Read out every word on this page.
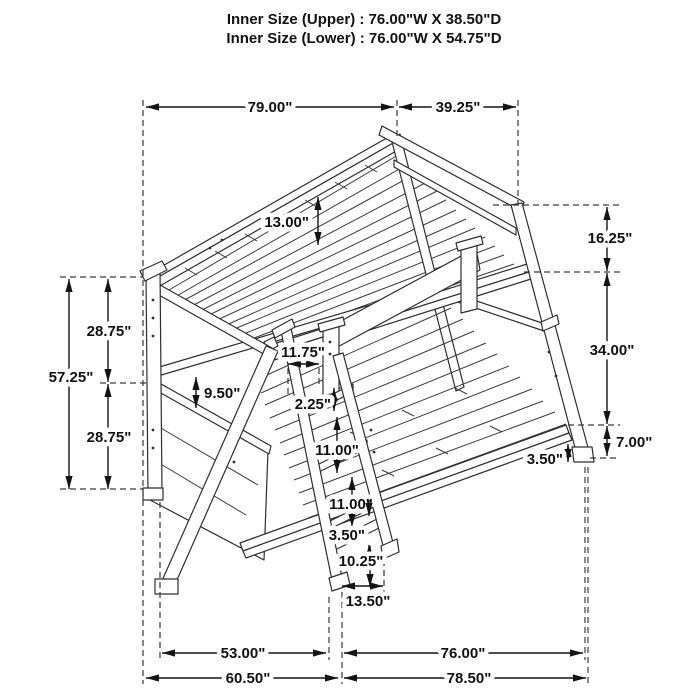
79.00"	39.25"
13.00"
16.25"
34.00"
7.00"
3.50"
57.25"
28.75"
28.75"
9.50"
11.75"
2.25"
11.00"
11.00"
3.50"
10.25"
13.50"
53.00"	76.00"
60.50"	78.50"
Inner Size (Upper) : 76.00"W X 38.50"D
Inner Size (Lower) : 76.00"W X 54.75"D
